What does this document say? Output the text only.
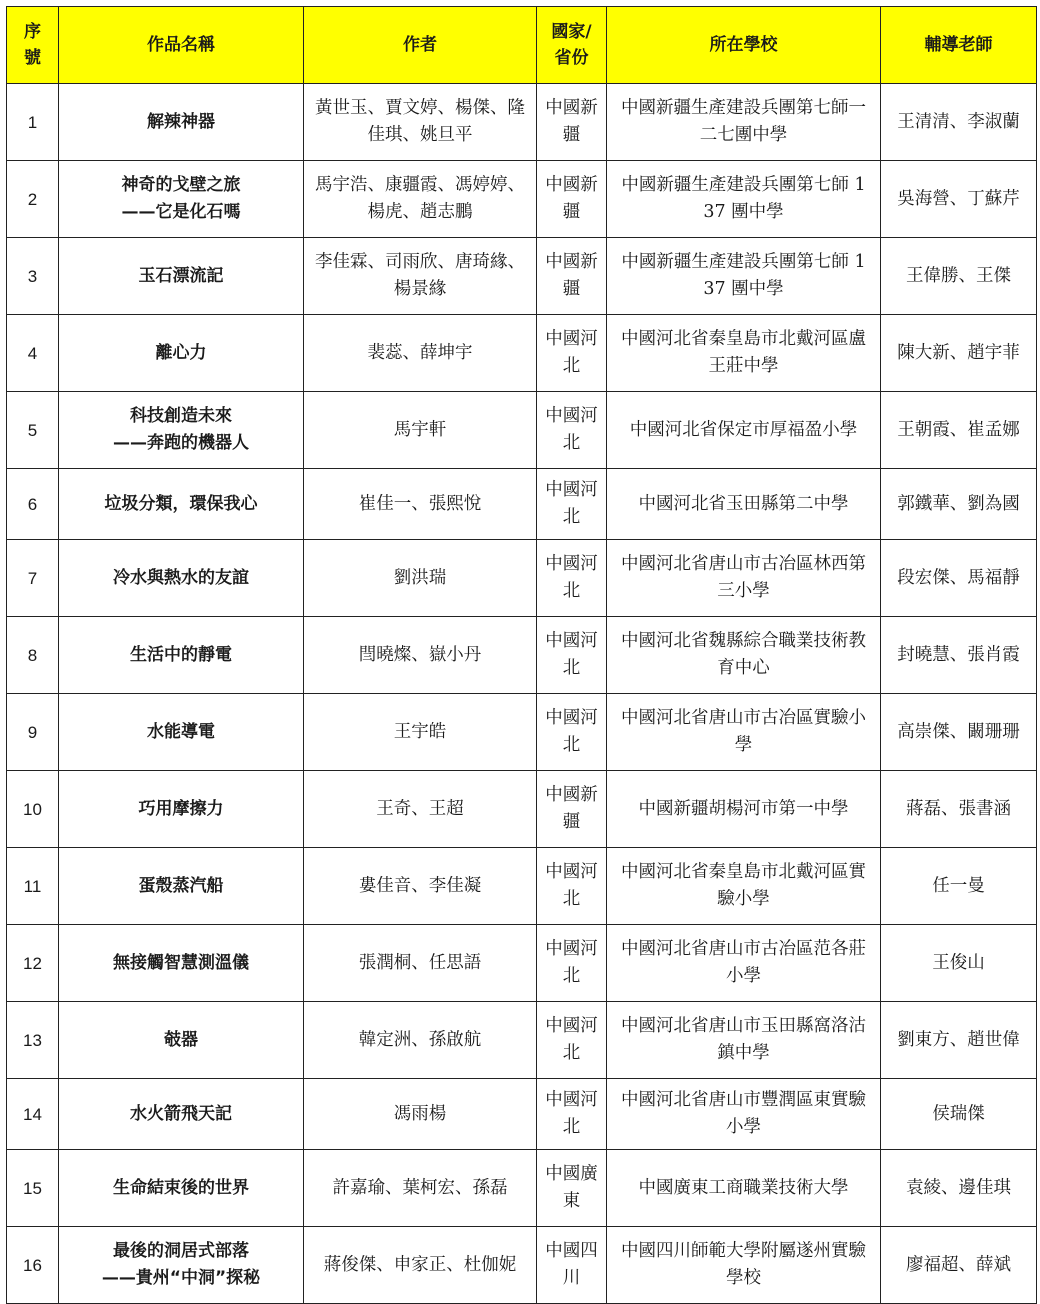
序號	作品名稱	作者	國家/省份	所在學校	輔導老師
1	解辣神器	黃世玉、賈文婷、楊傑、隆佳琪、姚旦平	中國新疆	中國新疆生產建設兵團第七師一二七團中學	王清清、李淑蘭
2	神奇的戈壁之旅
——它是化石嗎	馬宇浩、康疆霞、馮婷婷、楊虎、趙志鵬	中國新疆	中國新疆生產建設兵團第七師 137 團中學	吳海營、丁蘇芹
3	玉石漂流記	李佳霖、司雨欣、唐琦緣、楊景緣	中國新疆	中國新疆生產建設兵團第七師 137 團中學	王偉勝、王傑
4	離心力	裴蕊、薛坤宇	中國河北	中國河北省秦皇島市北戴河區盧王莊中學	陳大新、趙宇菲
5	科技創造未來
——奔跑的機器人	馬宇軒	中國河北	中國河北省保定市厚福盈小學	王朝霞、崔孟娜
6	垃圾分類，環保我心	崔佳一、張熙悅	中國河北	中國河北省玉田縣第二中學	郭鐵華、劉為國
7	冷水與熱水的友誼	劉洪瑞	中國河北	中國河北省唐山市古冶區林西第三小學	段宏傑、馬福靜
8	生活中的靜電	閆曉燦、嶽小丹	中國河北	中國河北省魏縣綜合職業技術教育中心	封曉慧、張肖霞
9	水能導電	王宇皓	中國河北	中國河北省唐山市古冶區實驗小學	高崇傑、闞珊珊
10	巧用摩擦力	王奇、王超	中國新疆	中國新疆胡楊河市第一中學	蔣磊、張書涵
11	蛋殼蒸汽船	婁佳音、李佳凝	中國河北	中國河北省秦皇島市北戴河區實驗小學	任一曼
12	無接觸智慧測溫儀	張潤桐、任思語	中國河北	中國河北省唐山市古冶區范各莊小學	王俊山
13	攲器	韓定洲、孫啟航	中國河北	中國河北省唐山市玉田縣窩洛沽鎮中學	劉東方、趙世偉
14	水火箭飛天記	馮雨楊	中國河北	中國河北省唐山市豐潤區東實驗小學	侯瑞傑
15	生命結束後的世界	許嘉瑜、葉柯宏、孫磊	中國廣東	中國廣東工商職業技術大學	袁綾、邊佳琪
16	最後的洞居式部落
——貴州“中洞”探秘	蔣俊傑、申家正、杜伽妮	中國四川	中國四川師範大學附屬遂州實驗學校	廖福超、薛斌
